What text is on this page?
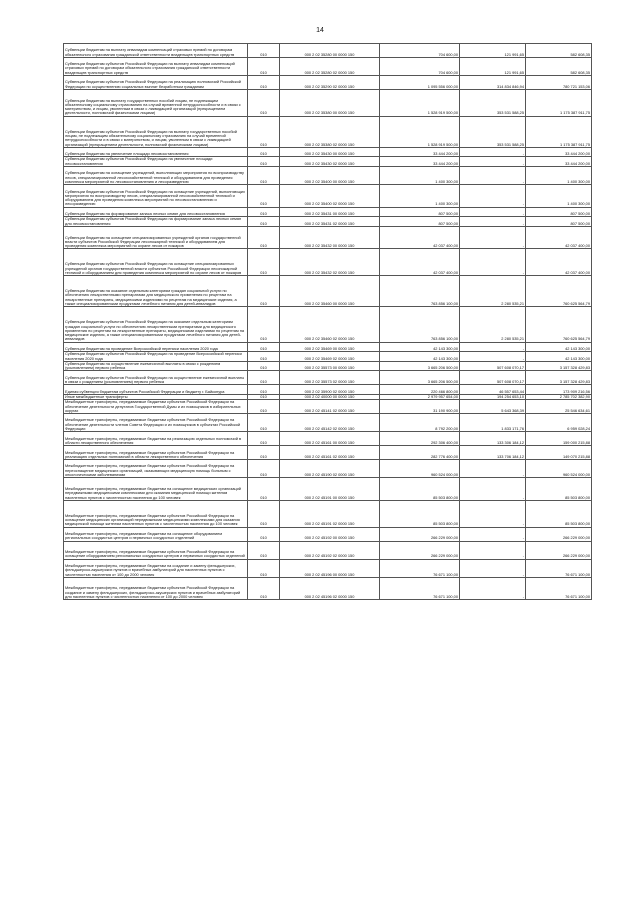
14
Субвенции бюджетам на выплату инвалидам компенсаций страховых премий по договорам обязательного страхования гражданской ответственности владельцев транспортных средств	010	000 2 02 35280 00 0000 150	704 600,00	121 991,65	582 608,35
Субвенции бюджетам субъектов Российской Федерации на выплату инвалидам компенсаций страховых премий по договорам обязательного страхования гражданской ответственности владельцев транспортных средств	010	000 2 02 35280 02 0000 150	704 600,00	121 991,65	582 608,35
Субвенции бюджетам субъектов Российской Федерации на реализацию полномочий Российской Федерации по осуществлению социальных выплат безработным гражданам	010	000 2 02 35290 02 0000 150	1 095 556 000,00	314 834 846,94	780 721 153,06
Субвенции бюджетам на выплату государственных пособий лицам, не подлежащим обязательному социальному страхованию на случай временной нетрудоспособности и в связи с материнством, и лицам, уволенным в связи с ликвидацией организаций (прекращением деятельности, полномочий физическими лицами)	010	000 2 02 35380 00 0000 150	1 528 919 500,00	353 531 588,25	1 175 387 911,75
Субвенции бюджетам субъектов Российской Федерации на выплату государственных пособий лицам, не подлежащим обязательному социальному страхованию на случай временной нетрудоспособности и в связи с материнством, и лицам, уволенным в связи с ликвидацией организаций (прекращением деятельности, полномочий физическими лицами)	010	000 2 02 35380 02 0000 150	1 528 919 500,00	353 531 588,25	1 175 387 911,75
Субвенции бюджетам на увеличение площади лесовосстановления	010	000 2 02 35430 00 0000 150	33 444 200,00	-	33 444 200,00
Субвенции бюджетам субъектов Российской Федерации на увеличение площади лесовосстановления	010	000 2 02 35430 02 0000 150	33 444 200,00	-	33 444 200,00
Субвенции бюджетам на оснащение учреждений, выполняющих мероприятия по воспроизводству лесов, специализированной лесохозяйственной техникой и оборудованием для проведения комплекса мероприятий по лесовосстановлению и лесоразведению	010	000 2 02 35400 00 0000 150	1 400 300,00	-	1 400 300,00
Субвенции бюджетам субъектов Российской Федерации на оснащение учреждений, выполняющих мероприятия по воспроизводству лесов, специализированной лесохозяйственной техникой и оборудованием для проведения комплекса мероприятий по лесовосстановлению и лесоразведению	010	000 2 02 35400 02 0000 150	1 400 300,00	-	1 400 300,00
Субвенции бюджетам на формирование запаса лесных семян для лесовосстановления	010	000 2 02 35431 00 0000 150	807 500,00	-	807 500,00
Субвенции бюджетам субъектов Российской Федерации на формирование запаса лесных семян для лесовосстановления	010	000 2 02 35431 02 0000 150	807 500,00	-	807 500,00
Субвенции бюджетам на оснащение специализированных учреждений органов государственной власти субъектов Российской Федерации лесопожарной техникой и оборудованием для проведения комплекса мероприятий по охране лесов от пожаров	010	000 2 02 35432 00 0000 150	42 037 400,00	-	42 037 400,00
Субвенции бюджетам субъектов Российской Федерации на оснащение специализированных учреждений органов государственной власти субъектов Российской Федерации лесопожарной техникой и оборудованием для проведения комплекса мероприятий по охране лесов от пожаров	010	000 2 02 35432 02 0000 150	42 037 400,00	-	42 037 400,00
Субвенции бюджетам на оказание отдельным категориям граждан социальной услуги по обеспечению лекарственными препаратами для медицинского применения по рецептам на лекарственные препараты, медицинскими изделиями по рецептам на медицинские изделия, а также специализированными продуктами лечебного питания для детей-инвалидов	010	000 2 02 35460 00 0000 150	763 856 100,00	2 280 535,21	760 625 564,79
Субвенции бюджетам субъектов Российской Федерации на оказание отдельным категориям граждан социальной услуги по обеспечению лекарственными препаратами для медицинского применения по рецептам на лекарственные препараты, медицинскими изделиями по рецептам на медицинские изделия, а также специализированными продуктами лечебного питания для детей-инвалидов	010	000 2 02 35460 02 0000 150	763 856 100,00	2 280 535,21	760 625 564,79
Субвенции бюджетам на проведение Всероссийской переписи населения 2020 года	010	000 2 02 35469 00 0000 150	42 143 300,00	-	42 143 300,00
Субвенции бюджетам субъектов Российской Федерации на проведение Всероссийской переписи населения 2020 года	010	000 2 02 35469 02 0000 150	42 143 300,00	-	42 143 300,00
Субвенции бюджетам на осуществление ежемесячной выплаты в связи с рождением (усыновлением) первого ребенка	010	000 2 02 35573 00 0000 150	3 665 206 500,00	507 608 070,17	3 157 328 429,83
Субвенции бюджетам субъектов Российской Федерации на осуществление ежемесячной выплаты в связи с рождением (усыновлением) первого ребенка	010	000 2 02 35573 02 0000 150	3 665 206 500,00	507 608 070,17	3 157 328 429,83
Единая субвенция бюджетам субъектов Российской Федерации и бюджету г. Байконура	010	000 2 02 35900 02 0000 150	220 466 800,00	46 557 653,44	173 909 216,56
Иные межбюджетные трансферты	010	000 2 02 40000 00 0000 150	2 979 957 654,00	194 254 653,10	2 785 702 382,90
Межбюджетные трансферты, передаваемые бюджетам субъектов Российской Федерации на обеспечение деятельности депутатов Государственной Думы и их помощников в избирательных округах	010	000 2 02 45141 02 0000 150	31 190 900,00	5 643 368,39	25 546 634,61
Межбюджетные трансферты, передаваемые бюджетам субъектов Российской Федерации на обеспечение деятельности членов Совета Федерации и их помощников в субъектах Российской Федерации	010	000 2 02 45142 02 0000 150	8 792 200,00	1 833 171,76	6 959 028,24
Межбюджетные трансферты, передаваемые бюджетам на реализацию отдельных полномочий в области лекарственного обеспечения	010	000 2 02 45161 00 0000 150	292 306 400,00	133 306 184,12	159 000 215,88
Межбюджетные трансферты, передаваемые бюджетам субъектов Российской Федерации на реализацию отдельных полномочий в области лекарственного обеспечения	010	000 2 02 45161 02 0000 150	282 776 400,00	133 706 184,12	149 070 215,88
Межбюджетные трансферты, передаваемые бюджетам субъектов Российской Федерации на переоснащение медицинских организаций, оказывающих медицинскую помощь больным с онкологическими заболеваниями	010	000 2 02 45190 02 0000 150	960 524 000,00	-	960 524 000,00
Межбюджетные трансферты, передаваемые бюджетам на оснащение медицинских организаций передвижными медицинскими комплексами для оказания медицинской помощи жителям населенных пунктов с численностью населения до 100 человек	010	000 2 02 45191 00 0000 150	85 503 800,00	-	85 503 800,00
Межбюджетные трансферты, передаваемые бюджетам субъектов Российской Федерации на оснащение медицинских организаций передвижными медицинскими комплексами для оказания медицинской помощи жителям населенных пунктов с численностью населения до 100 человек	010	000 2 02 45191 02 0000 150	85 503 800,00	-	85 503 800,00
Межбюджетные трансферты, передаваемые бюджетам на оснащение оборудованием региональных сосудистых центров и первичных сосудистых отделений	010	000 2 02 45192 00 0000 150	266 229 000,00	-	266 229 000,00
Межбюджетные трансферты, передаваемые бюджетам субъектов Российской Федерации на оснащение оборудованием региональных сосудистых центров и первичных сосудистых отделений	010	000 2 02 45192 02 0000 150	266 229 000,00	-	266 229 000,00
Межбюджетные трансферты, передаваемые бюджетам на создание и замену фельдшерских, фельдшерско-акушерских пунктов и врачебных амбулаторий для населенных пунктов с численностью населения от 100 до 2000 человек	010	000 2 02 45196 00 0000 150	76 671 100,00	-	76 671 100,00
Межбюджетные трансферты, передаваемые бюджетам субъектов Российской Федерации на создание и замену фельдшерских, фельдшерско-акушерских пунктов и врачебных амбулаторий для населенных пунктов с численностью населения от 100 до 2000 человек	010	000 2 02 45196 02 0000 150	76 671 100,00	-	76 671 100,00
